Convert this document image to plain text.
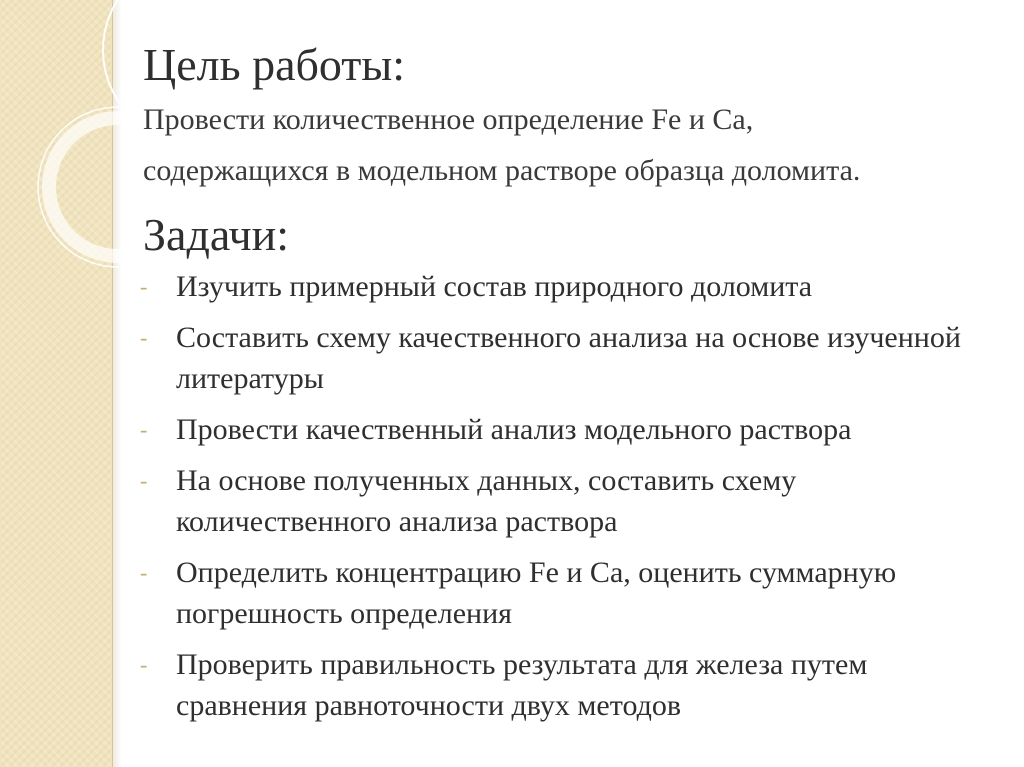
Цель работы:

Провести количественное определение Fe и Ca,

содержащихся в модельном растворе образца доломита.

Задачи:
- Изучить примерный состав природного доломита
- Составить схему качественного анализа на основе изученной литературы
- Провести качественный анализ модельного раствора
- На основе полученных данных, составить схему количественного анализа раствора
- Определить концентрацию Fe и Ca, оценить суммарную погрешность определения
- Проверить правильность результата для железа путем сравнения равноточности двух методов
